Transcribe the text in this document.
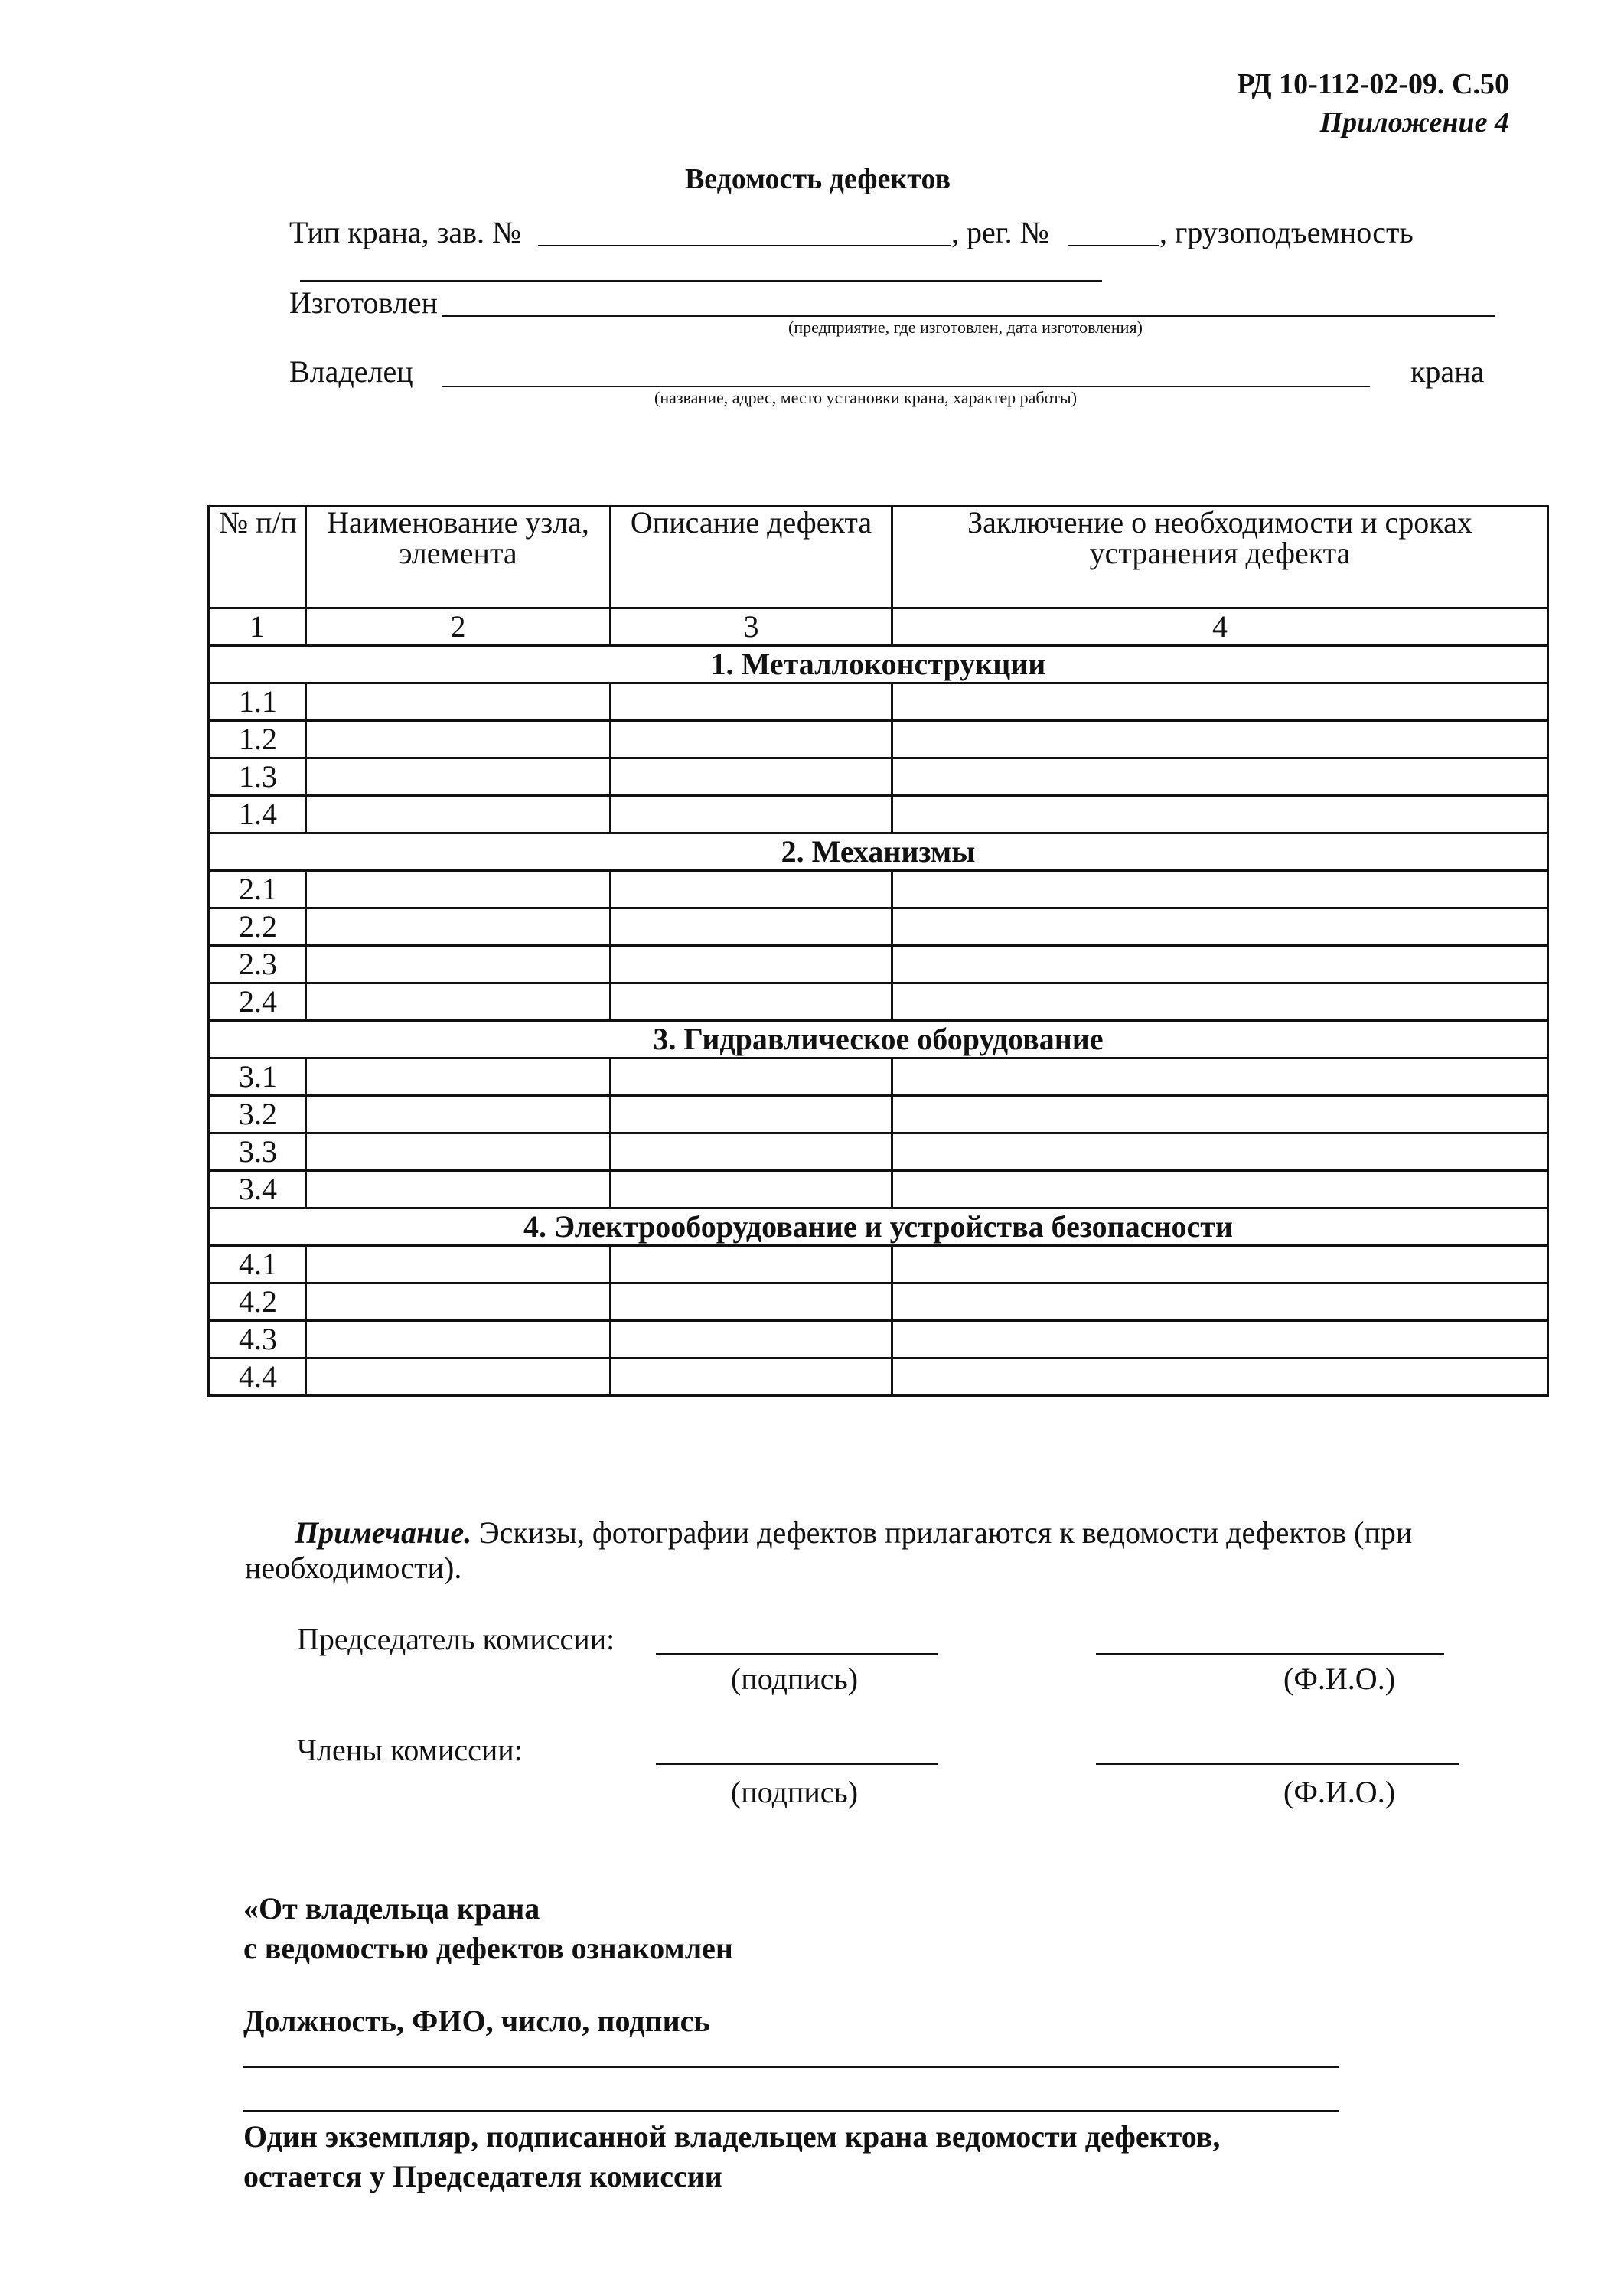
РД 10-112-02-09. С.50
Приложение 4
Ведомость дефектов
Тип крана, зав. №	, рег. №	, грузоподъемность
Изготовлен
(предприятие, где изготовлен, дата изготовления)
Владелец	крана
(название, адрес, место установки крана, характер работы)
№ п/п	Наименование узла, элемента	Описание дефекта	Заключение о необходимости и сроках устранения дефекта
1	2	3	4
1. Металлоконструкции			
1.1			
1.2			
1.3			
1.4			
2. Механизмы			
2.1			
2.2			
2.3			
2.4			
3. Гидравлическое оборудование			
3.1			
3.2			
3.3			
3.4			
4. Электрооборудование и устройства безопасности			
4.1			
4.2			
4.3			
4.4			
Примечание. Эскизы, фотографии дефектов прилагаются к ведомости дефектов (при необходимости).
Председатель комиссии:
(подпись)	(Ф.И.О.)
Члены комиссии:
(подпись)	(Ф.И.О.)
«От владельца крана
с ведомостью дефектов ознакомлен
Должность, ФИО, число, подпись
Один экземпляр, подписанной владельцем крана ведомости дефектов,
остается у Председателя комиссии
